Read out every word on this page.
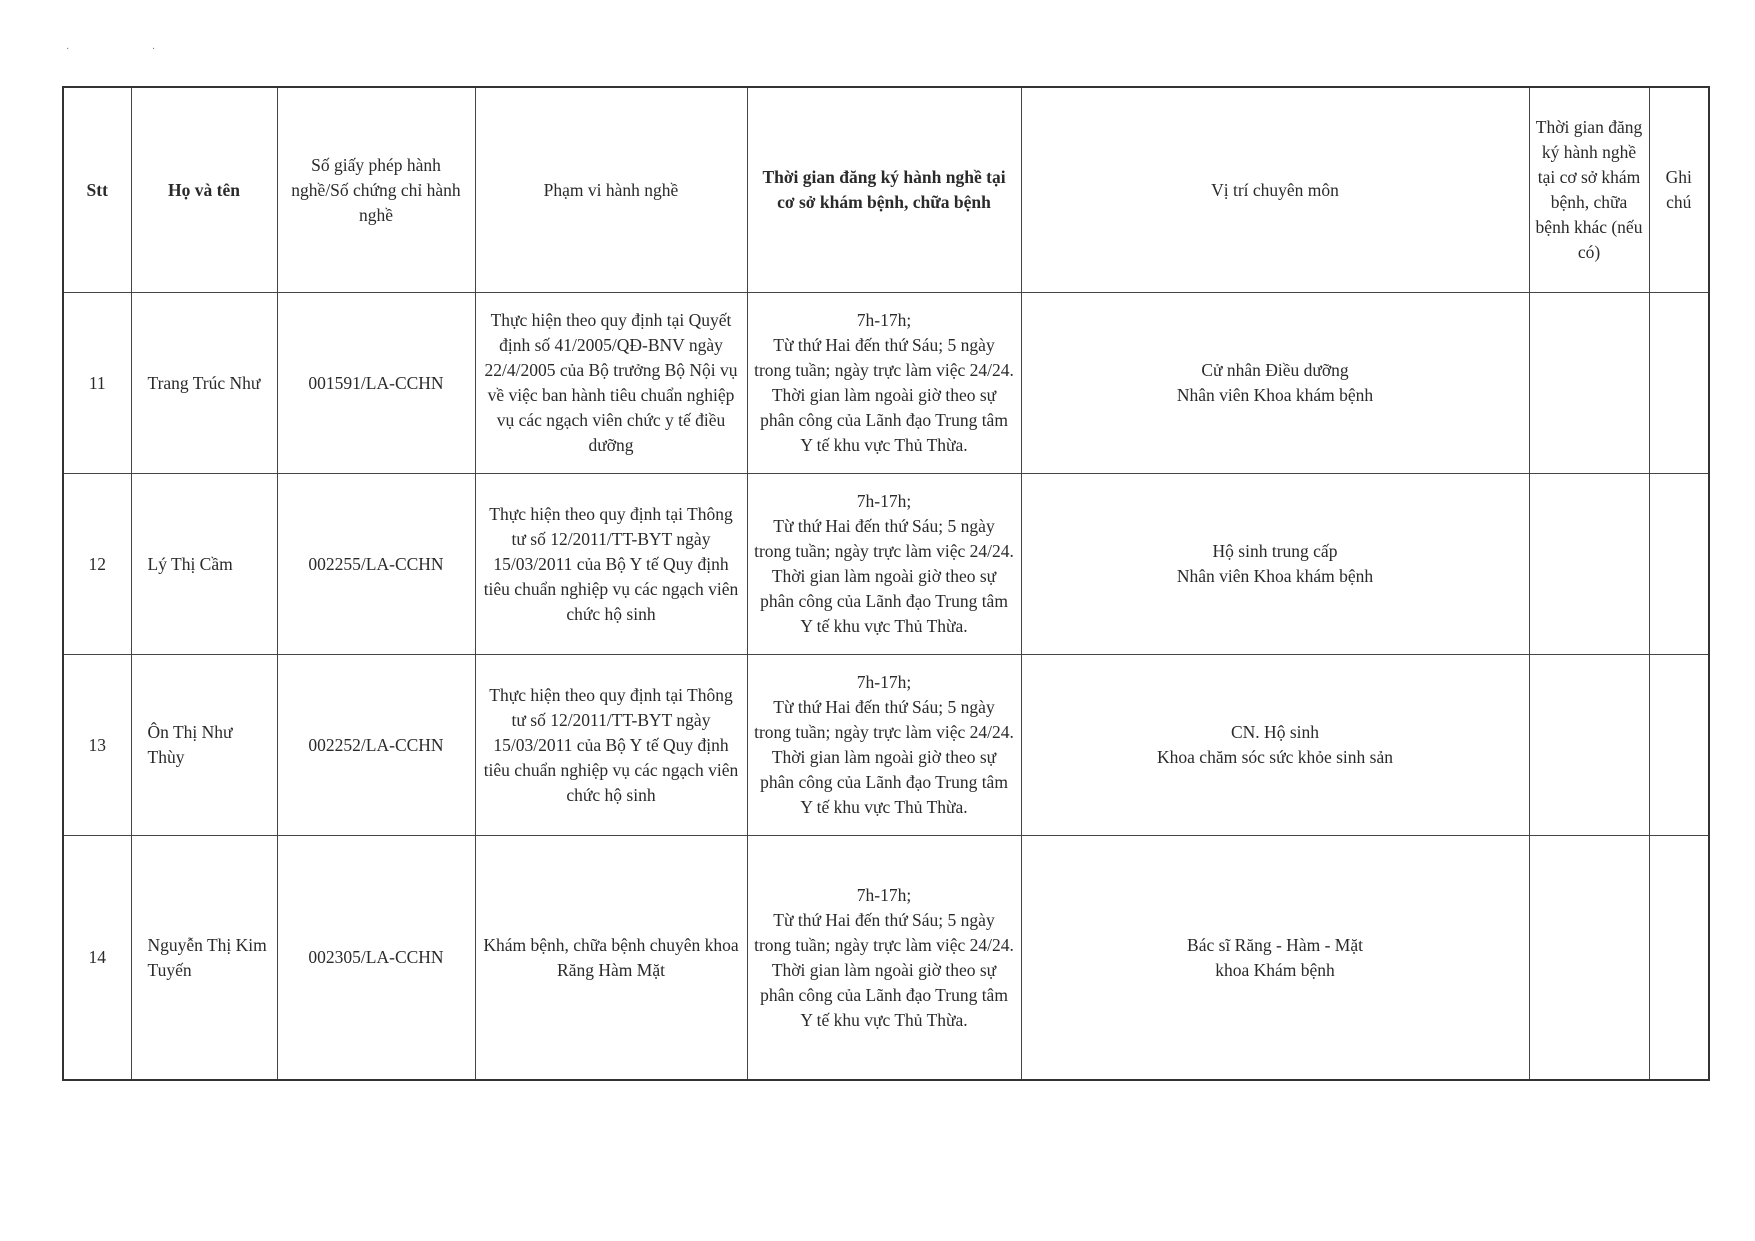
· ·
Stt	Họ và tên	Số giấy phép hành nghề/Số chứng chỉ hành nghề	Phạm vi hành nghề	Thời gian đăng ký hành nghề tại cơ sở khám bệnh, chữa bệnh	Vị trí chuyên môn	Thời gian đăng ký hành nghề tại cơ sở khám bệnh, chữa bệnh khác (nếu có)	Ghi chú
11	Trang Trúc Như	001591/LA-CCHN	Thực hiện theo quy định tại Quyết định số 41/2005/QĐ-BNV ngày 22/4/2005 của Bộ trưởng Bộ Nội vụ về việc ban hành tiêu chuẩn nghiệp vụ các ngạch viên chức y tế điều dưỡng	7h-17h;
Từ thứ Hai đến thứ Sáu; 5 ngày trong tuần; ngày trực làm việc 24/24. Thời gian làm ngoài giờ theo sự phân công của Lãnh đạo Trung tâm Y tế khu vực Thủ Thừa.	Cử nhân Điều dưỡng
Nhân viên Khoa khám bệnh		

12	Lý Thị Cầm	002255/LA-CCHN	Thực hiện theo quy định tại Thông tư số 12/2011/TT-BYT ngày 15/03/2011 của Bộ Y tế Quy định tiêu chuẩn nghiệp vụ các ngạch viên chức hộ sinh	7h-17h;
Từ thứ Hai đến thứ Sáu; 5 ngày trong tuần; ngày trực làm việc 24/24. Thời gian làm ngoài giờ theo sự phân công của Lãnh đạo Trung tâm Y tế khu vực Thủ Thừa.	Hộ sinh trung cấp
Nhân viên Khoa khám bệnh		

13	Ôn Thị Như Thùy	002252/LA-CCHN	Thực hiện theo quy định tại Thông tư số 12/2011/TT-BYT ngày 15/03/2011 của Bộ Y tế Quy định tiêu chuẩn nghiệp vụ các ngạch viên chức hộ sinh	7h-17h;
Từ thứ Hai đến thứ Sáu; 5 ngày trong tuần; ngày trực làm việc 24/24. Thời gian làm ngoài giờ theo sự phân công của Lãnh đạo Trung tâm Y tế khu vực Thủ Thừa.	CN. Hộ sinh
Khoa chăm sóc sức khỏe sinh sản		

14	Nguyễn Thị Kim Tuyến	002305/LA-CCHN	Khám bệnh, chữa bệnh chuyên khoa Răng Hàm Mặt	7h-17h;
Từ thứ Hai đến thứ Sáu; 5 ngày trong tuần; ngày trực làm việc 24/24. Thời gian làm ngoài giờ theo sự phân công của Lãnh đạo Trung tâm Y tế khu vực Thủ Thừa.	Bác sĩ Răng - Hàm - Mặt
khoa Khám bệnh		
